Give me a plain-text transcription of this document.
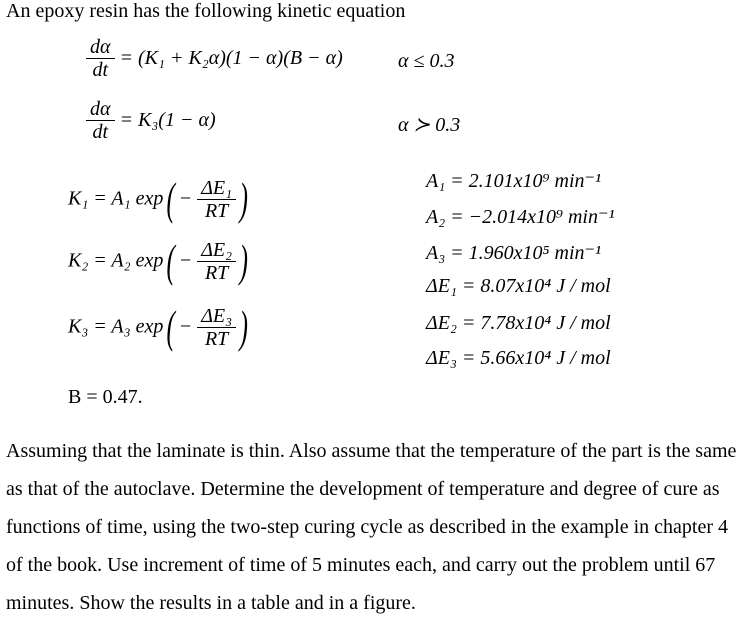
An epoxy resin has the following kinetic equation
$\frac{d\alpha}{dt} = (K_1 + K_2\alpha)(1 - \alpha)(B - \alpha)$	α ≤ 0.3
$\frac{d\alpha}{dt} = K_3(1 - \alpha)$	α ≻ 0.3
K₁ = A₁ $\exp( - \frac{\text{ΔE₁}}{RT}$ )
K₂ = A₂ $\exp( - \frac{\text{ΔE₂}}{RT}$ )
K₃ = A₃ $\exp( - \frac{\text{ΔE₃}}{RT}$ )
A₁ = 2.101x10⁹ min⁻¹
A₂ = −2.014x10⁹ min⁻¹
A₃ = 1.960x10⁵ min⁻¹
ΔE₁ = 8.07x10⁴ J / mol
ΔE₂ = 7.78x10⁴ J / mol
ΔE₃ = 5.66x10⁴ J / mol
B = 0.47.
Assuming that the laminate is thin. Also assume that the temperature of the part is the same as that of the autoclave. Determine the development of temperature and degree of cure as functions of time, using the two-step curing cycle as described in the example in chapter 4 of the book. Use increment of time of 5 minutes each, and carry out the problem until 67 minutes. Show the results in a table and in a figure.
